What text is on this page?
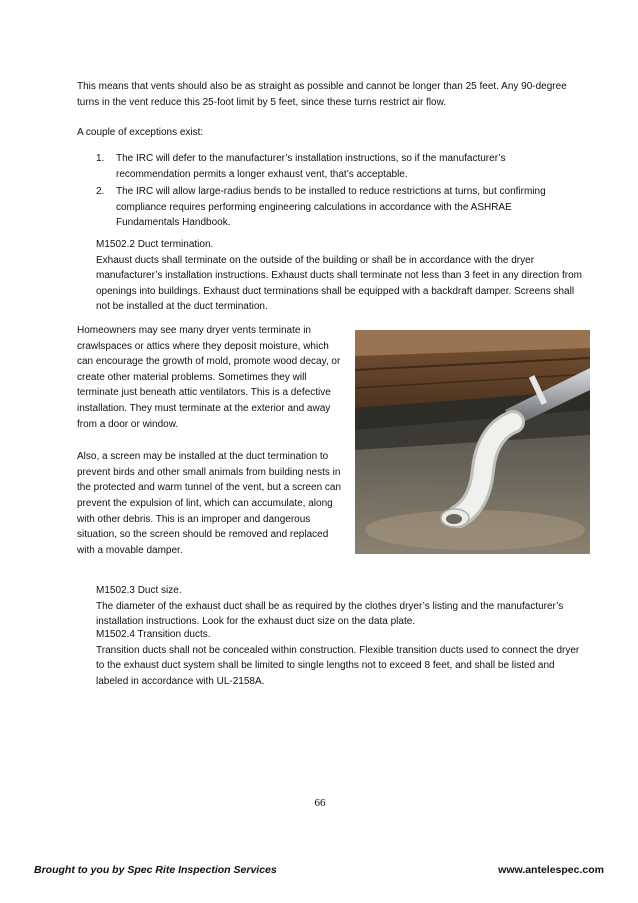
This means that vents should also be as straight as possible and cannot be longer than 25 feet. Any 90-degree turns in the vent reduce this 25-foot limit by 5 feet, since these turns restrict air flow.

A couple of exceptions exist:

1. The IRC will defer to the manufacturer’s installation instructions, so if the manufacturer’s recommendation permits a longer exhaust vent, that’s acceptable.
2. The IRC will allow large-radius bends to be installed to reduce restrictions at turns, but confirming compliance requires performing engineering calculations in accordance with the ASHRAE Fundamentals Handbook.
M1502.2 Duct termination.
Exhaust ducts shall terminate on the outside of the building or shall be in accordance with the dryer manufacturer’s installation instructions. Exhaust ducts shall terminate not less than 3 feet in any direction from openings into buildings. Exhaust duct terminations shall be equipped with a backdraft damper. Screens shall not be installed at the duct termination.

Homeowners may see many dryer vents terminate in crawlspaces or attics where they deposit moisture, which can encourage the growth of mold, promote wood decay, or create other material problems. Sometimes they will terminate just beneath attic ventilators. This is a defective installation. They must terminate at the exterior and away from a door or window.

Also, a screen may be installed at the duct termination to prevent birds and other small animals from building nests in the protected and warm tunnel of the vent, but a screen can prevent the expulsion of lint, which can accumulate, along with other debris. This is an improper and dangerous situation, so the screen should be removed and replaced with a movable damper.

M1502.3 Duct size.
The diameter of the exhaust duct shall be as required by the clothes dryer’s listing and the manufacturer’s installation instructions. Look for the exhaust duct size on the data plate.
M1502.4 Transition ducts.
Transition ducts shall not be concealed within construction. Flexible transition ducts used to connect the dryer to the exhaust duct system shall be limited to single lengths not to exceed 8 feet, and shall be listed and labeled in accordance with UL-2158A.
66
Brought to you by Spec Rite Inspection Services	www.antelespec.com
